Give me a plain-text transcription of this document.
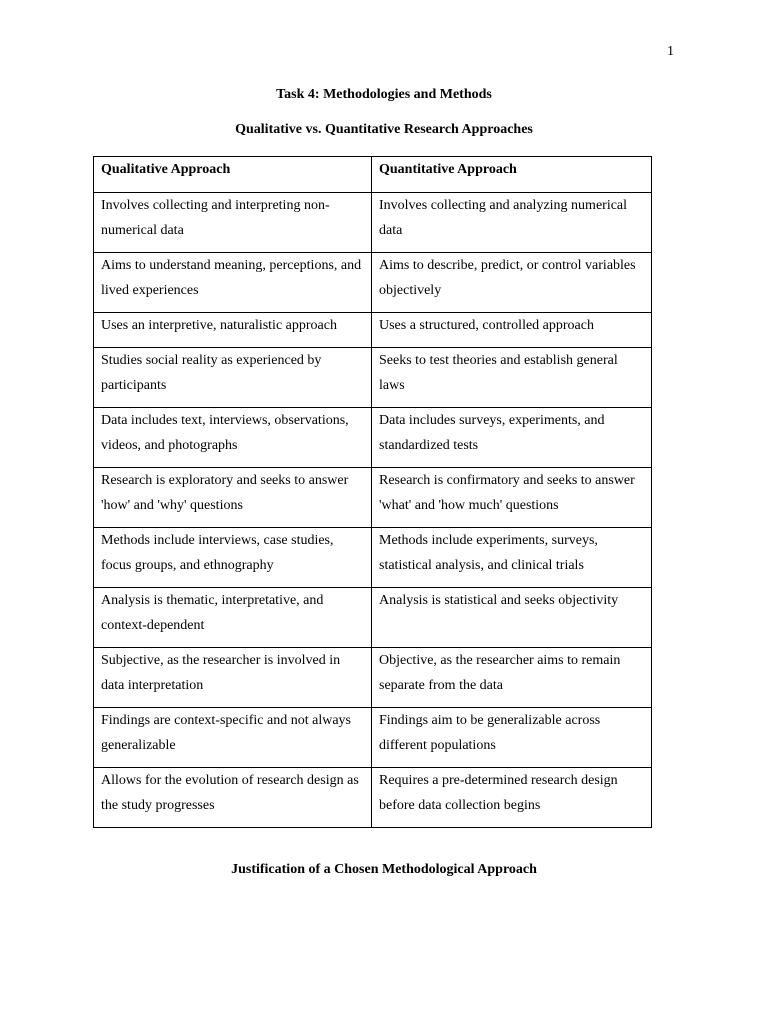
1
Task 4: Methodologies and Methods
Qualitative vs. Quantitative Research Approaches
Qualitative Approach	Quantitative Approach

Involves collecting and interpreting non-numerical data	Involves collecting and analyzing numerical data

Aims to understand meaning, perceptions, and lived experiences	Aims to describe, predict, or control variables objectively

Uses an interpretive, naturalistic approach	Uses a structured, controlled approach

Studies social reality as experienced by participants	Seeks to test theories and establish general laws

Data includes text, interviews, observations, videos, and photographs	Data includes surveys, experiments, and standardized tests

Research is exploratory and seeks to answer 'how' and 'why' questions	Research is confirmatory and seeks to answer 'what' and 'how much' questions

Methods include interviews, case studies, focus groups, and ethnography	Methods include experiments, surveys, statistical analysis, and clinical trials

Analysis is thematic, interpretative, and context-dependent	Analysis is statistical and seeks objectivity

Subjective, as the researcher is involved in data interpretation	Objective, as the researcher aims to remain separate from the data

Findings are context-specific and not always generalizable	Findings aim to be generalizable across different populations

Allows for the evolution of research design as the study progresses	Requires a pre-determined research design before data collection begins
Justification of a Chosen Methodological Approach
